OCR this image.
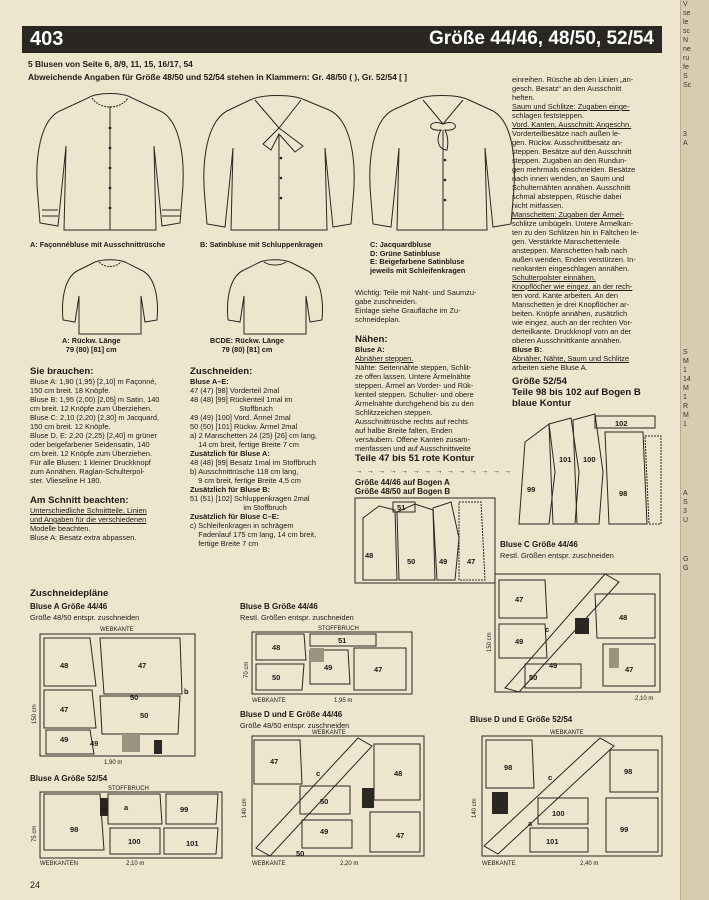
403	Größe 44/46, 48/50, 52/54
5 Blusen von Seite 6, 8/9, 11, 15, 16/17, 54
Abweichende Angaben für Größe 48/50 und 52/54 stehen in Klammern: Gr. 48/50 ( ), Gr. 52/54 [ ]
A: Façonnébluse mit Ausschnittrüsche	B: Satinbluse mit Schluppenkragen	C: Jacquardbluse
D: Grüne Satinbluse
E: Beigefarbene Satinbluse
jeweils mit Schleifenkragen
A: Rückw. Länge
79 (80) [81] cm
BCDE: Rückw. Länge
79 (80) [81] cm
Sie brauchen:
Bluse A: 1,90 (1,95) [2,10] m Façonné,
150 cm breit. 18 Knöpfe.
Bluse B: 1,95 (2,00) [2,05] m Satin, 140
cm breit. 12 Knöpfe zum Überziehen.
Bluse C: 2,10 (2,20) [2,30] m Jacquard,
150 cm breit. 12 Knöpfe.
Bluse D, E: 2,20 (2,25) [2,40] m grüner
oder beigefarbener Seidensatin, 140
cm breit. 12 Knöpfe zum Überziehen.
Für alle Blusen: 1 kleiner Druckknopf
zum Annähen. Raglan-Schulterpol-
ster. Vlieseline H 180.
Am Schnitt beachten:
Unterschiedliche Schnittteile, Linien
und Angaben für die verschiedenen
Modelle beachten.
Bluse A: Besatz extra abpassen.
Zuschneiden:
Bluse A–E:
47 (47) [98] Vorderteil 2mal
48 (48) [99] Rückenteil 1mal im
Stoffbruch
49 (49) [100] Vord. Ärmel 2mal
50 (50) [101] Rückw. Ärmel 2mal
a) 2 Manschetten 24 (25) [26] cm lang,
14 cm breit, fertige Breite 7 cm
Zusätzlich für Bluse A:
48 (48) [99] Besatz 1mal im Stoffbruch
b) Ausschnittrüsche 118 cm lang,
9 cm breit, fertige Breite 4,5 cm
Zusätzlich für Bluse B:
51 (51) [102] Schluppenkragen 2mal
im Stoffbruch
Zusätzlich für Bluse C–E:
c) Schleifenkragen in schrägem
Fadenlauf 175 cm lang, 14 cm breit,
fertige Breite 7 cm
Wichtig: Teile mit Naht- und Saumzu-
gabe zuschneiden.
Einlage siehe Graufläche im Zu-
schneideplan.
Nähen:
Bluse A:
Abnäher steppen.
Nähte: Seitennähte steppen, Schlit-
ze offen lassen. Untere Ärmelnähte
steppen. Ärmel an Vorder- und Rük-
kenteil steppen. Schulter- und obere
Ärmelnähte durchgehend bis zu den
Schlitzzeichen steppen.
Ausschnittrüsche rechts auf rechts
auf halbe Breite falten, Enden
versäubern. Offene Kanten zusam-
menfassen und auf Ausschnittweite
Teile 47 bis 51 rote Kontur
→ → → → → → → → → → → → → →
Größe 44/46 auf Bogen A
Größe 48/50 auf Bogen B
48
50	49	47
51
einreihen. Rüsche ab den Linien „an-
gesch. Besatz“ an den Ausschnitt
heften.
Saum und Schlitze: Zugaben einge-
schlagen feststeppen.
Vord. Kanten, Ausschnitt: Angeschn.
Vorderteilbesätze nach außen le-
gen. Rückw. Ausschnittbesatz an-
steppen. Besätze auf den Ausschnitt
steppen. Zugaben an den Rundun-
gen mehrmals einschneiden. Besätze
nach innen wenden, an Saum und
Schulternähten annähen. Ausschnitt
schmal absteppen, Rüsche dabei
nicht mitfassen.
Manschetten: Zugaben der Ärmel-
schlitze umbügeln. Untere Ärmelkan-
ten zu den Schlitzen hin in Fältchen le-
gen. Verstärkte Manschettenteile
ansteppen. Manschetten halb nach
außen wenden, Enden verstürzen. In-
nenkanten eingeschlagen annähen.
Schulterpolster einnähen.
Knopflöcher wie eingez. an der rech-
ten vord. Kante arbeiten. An den
Manschetten je drei Knopflöcher ar-
beiten. Knöpfe annähen, zusätzlich
wie eingez. auch an der rechten Vor-
derteilkante. Druckknopf vorn an der
oberen Ausschnittkante annähen.
Bluse B:
Abnäher, Nähte, Saum und Schlitze
arbeiten siehe Bluse A.
Größe 52/54
Teile 98 bis 102 auf Bogen B
blaue Kontur
99
101 100
102
98
Zuschneidepläne
Bluse A Größe 44/46
Größe 48/50 entspr. zuschneiden
WEBKANTE
48	47
47
50
50
49
49
b
150 cm
1,90 m
Bluse B Größe 44/46
Restl. Größen entspr. zuschneiden
STOFFBRUCH
48
51
49	47
50
70 cm
WEBKANTE	1,95 m
Bluse C Größe 44/46
Restl. Größen entspr. zuschneiden
47
48
49
c
50
49	47
150 cm
2,10 m
Bluse A Größe 52/54
STOFFBRUCH
98
99 a	99
100	101
75 cm
WEBKANTEN	2,10 m
Bluse D und E Größe 44/46
Größe 48/50 entspr. zuschneiden
WEBKANTE
47
48
c
50
49
50
47
140 cm
WEBKANTE	2,20 m
Bluse D und E Größe 52/54
WEBKANTE
98	98
c
100
99
101
a
140 cm
WEBKANTE	2,40 m
24
V
se
le
sc
N
ne
ru
fe
S
Sc
3
A
S
M
1
14
M
1
R
M
1
A
S
3
U
G
G
